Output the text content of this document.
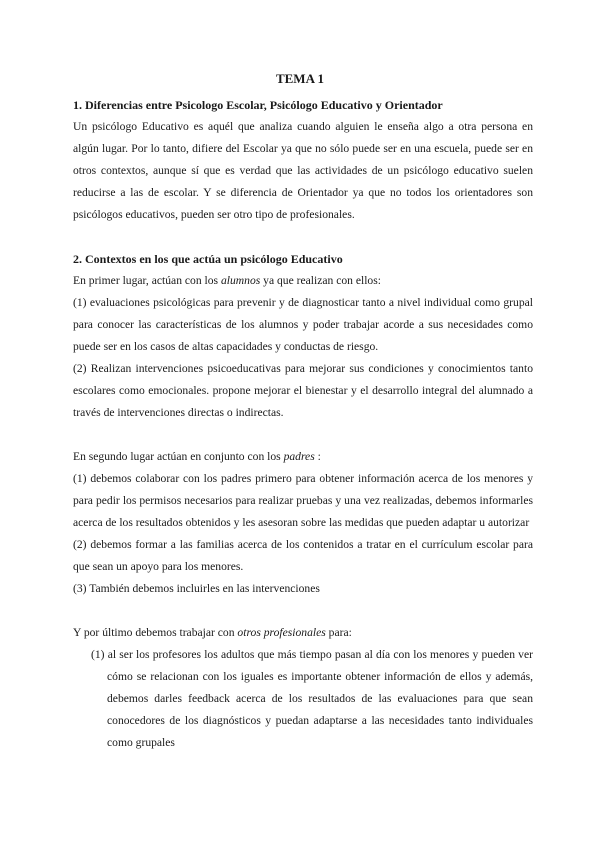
TEMA 1
1. Diferencias entre Psicologo Escolar, Psicólogo Educativo y Orientador

Un psicólogo Educativo es aquél que analiza cuando alguien le enseña algo a otra persona en algún lugar. Por lo tanto, difiere del Escolar ya que no sólo puede ser en una escuela, puede ser en otros contextos, aunque sí que es verdad que las actividades de un psicólogo educativo suelen reducirse a las de escolar. Y se diferencia de Orientador ya que no todos los orientadores son psicólogos educativos, pueden ser otro tipo de profesionales.

2. Contextos en los que actúa un psicólogo Educativo

En primer lugar, actúan con los alumnos ya que realizan con ellos:

(1) evaluaciones psicológicas para prevenir y de diagnosticar tanto a nivel individual como grupal para conocer las características de los alumnos y poder trabajar acorde a sus necesidades como puede ser en los casos de altas capacidades y conductas de riesgo.

(2) Realizan intervenciones psicoeducativas para mejorar sus condiciones y conocimientos tanto escolares como emocionales. propone mejorar el bienestar y el desarrollo integral del alumnado a través de intervenciones directas o indirectas.

En segundo lugar actúan en conjunto con los padres :

(1) debemos colaborar con los padres primero para obtener información acerca de los menores y para pedir los permisos necesarios para realizar pruebas y una vez realizadas, debemos informarles acerca de los resultados obtenidos y les asesoran sobre las medidas que pueden adaptar u autorizar

(2) debemos formar a las familias acerca de los contenidos a tratar en el currículum escolar para que sean un apoyo para los menores.

(3) También debemos incluirles en las intervenciones

Y por último debemos trabajar con otros profesionales para:

(1) al ser los profesores los adultos que más tiempo pasan al día con los menores y pueden ver cómo se relacionan con los iguales es importante obtener información de ellos y además, debemos darles feedback acerca de los resultados de las evaluaciones para que sean conocedores de los diagnósticos y puedan adaptarse a las necesidades tanto individuales como grupales
